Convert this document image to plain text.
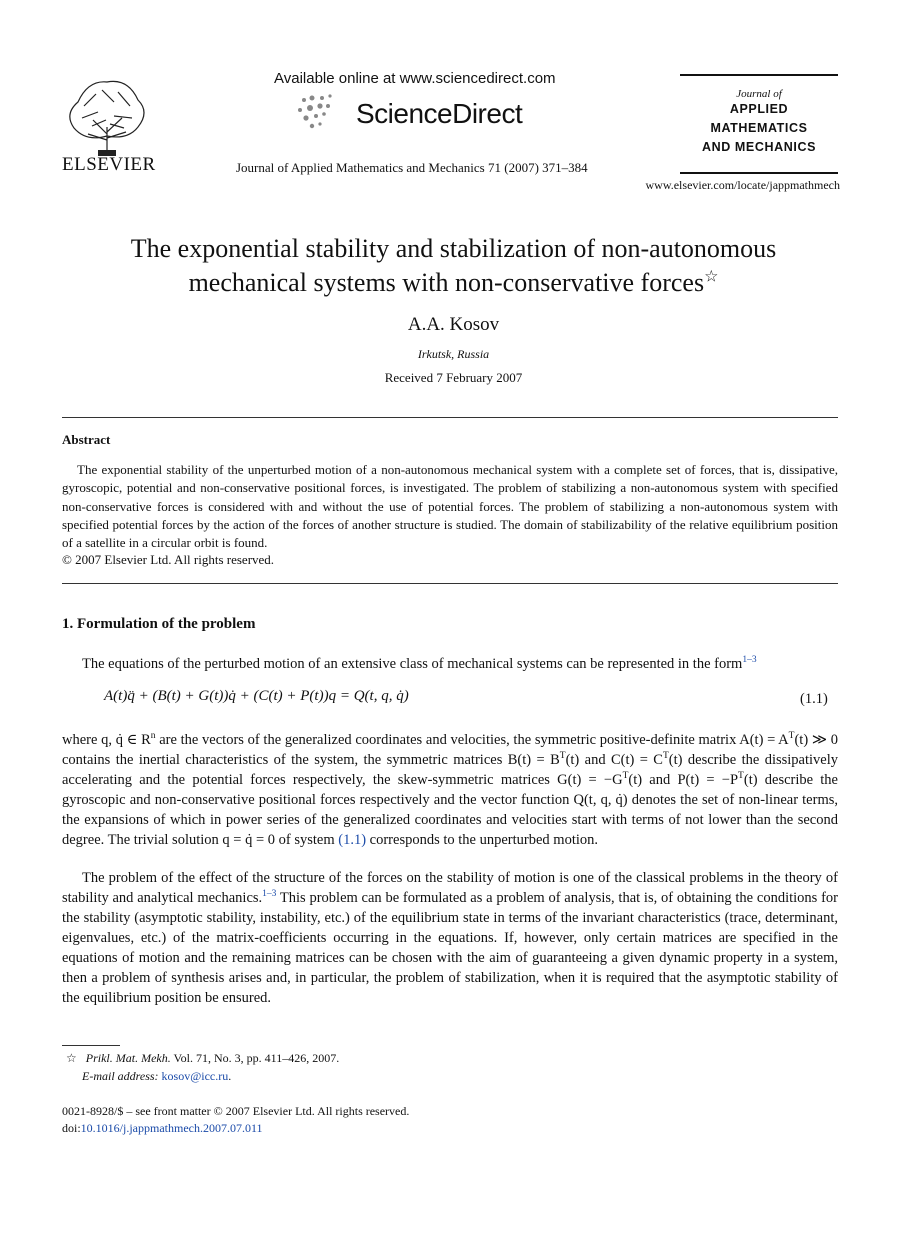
ELSEVIER
Available online at www.sciencedirect.com
ScienceDirect
Journal of Applied Mathematics and Mechanics 71 (2007) 371–384
Journal of
APPLIED
MATHEMATICS
AND MECHANICS
www.elsevier.com/locate/jappmathmech
The exponential stability and stabilization of non-autonomous
mechanical systems with non-conservative forces☆
A.A. Kosov
Irkutsk, Russia
Received 7 February 2007
Abstract

The exponential stability of the unperturbed motion of a non-autonomous mechanical system with a complete set of forces, that is, dissipative, gyroscopic, potential and non-conservative positional forces, is investigated. The problem of stabilizing a non-autonomous system with specified non-conservative forces is considered with and without the use of potential forces. The problem of stabilizing a non-autonomous system with specified potential forces by the action of the forces of another structure is studied. The domain of stabilizability of the relative equilibrium position of a satellite in a circular orbit is found.

© 2007 Elsevier Ltd. All rights reserved.
1. Formulation of the problem

The equations of the perturbed motion of an extensive class of mechanical systems can be represented in the form$^{1-3}$

A(t)q̈ + (B(t) + G(t))q̇ + (C(t) + P(t))q = Q(t, q, q̇)	(1.1)

where q, q̇ ∈ $R^n$ are the vectors of the generalized coordinates and velocities, the symmetric positive-definite matrix $A(t) = A^T(t)$ ≫ 0 contains the inertial characteristics of the system, the symmetric matrices $B(t) = B^T(t)$ and $C(t) = C^T(t)$ describe the dissipatively accelerating and the potential forces respectively, the skew-symmetric matrices $G(t) = -G^T(t)$ and $P(t) = -P^T(t)$ describe the gyroscopic and non-conservative positional forces respectively and the vector function Q(t, q, q̇) denotes the set of non-linear terms, the expansions of which in power series of the generalized coordinates and velocities start with terms of not lower than the second degree. The trivial solution q = q̇ = 0 of system (1.1) corresponds to the unperturbed motion.

The problem of the effect of the structure of the forces on the stability of motion is one of the classical problems in the theory of stability and analytical mechanics.$^{1-3}$ This problem can be formulated as a problem of analysis, that is, of obtaining the conditions for the stability (asymptotic stability, instability, etc.) of the equilibrium state in terms of the invariant characteristics (trace, determinant, eigenvalues, etc.) of the matrix-coefficients occurring in the equations. If, however, only certain matrices are specified in the equations of motion and the remaining matrices can be chosen with the aim of guaranteeing a given dynamic property in a system, then a problem of synthesis arises and, in particular, the problem of stabilization, when it is required that the asymptotic stability of the equilibrium position be ensured.

☆ Prikl. Mat. Mekh. Vol. 71, No. 3, pp. 411–426, 2007.
E-mail address: kosov@icc.ru.
0021-8928/$ – see front matter © 2007 Elsevier Ltd. All rights reserved.
doi:10.1016/j.jappmathmech.2007.07.011
